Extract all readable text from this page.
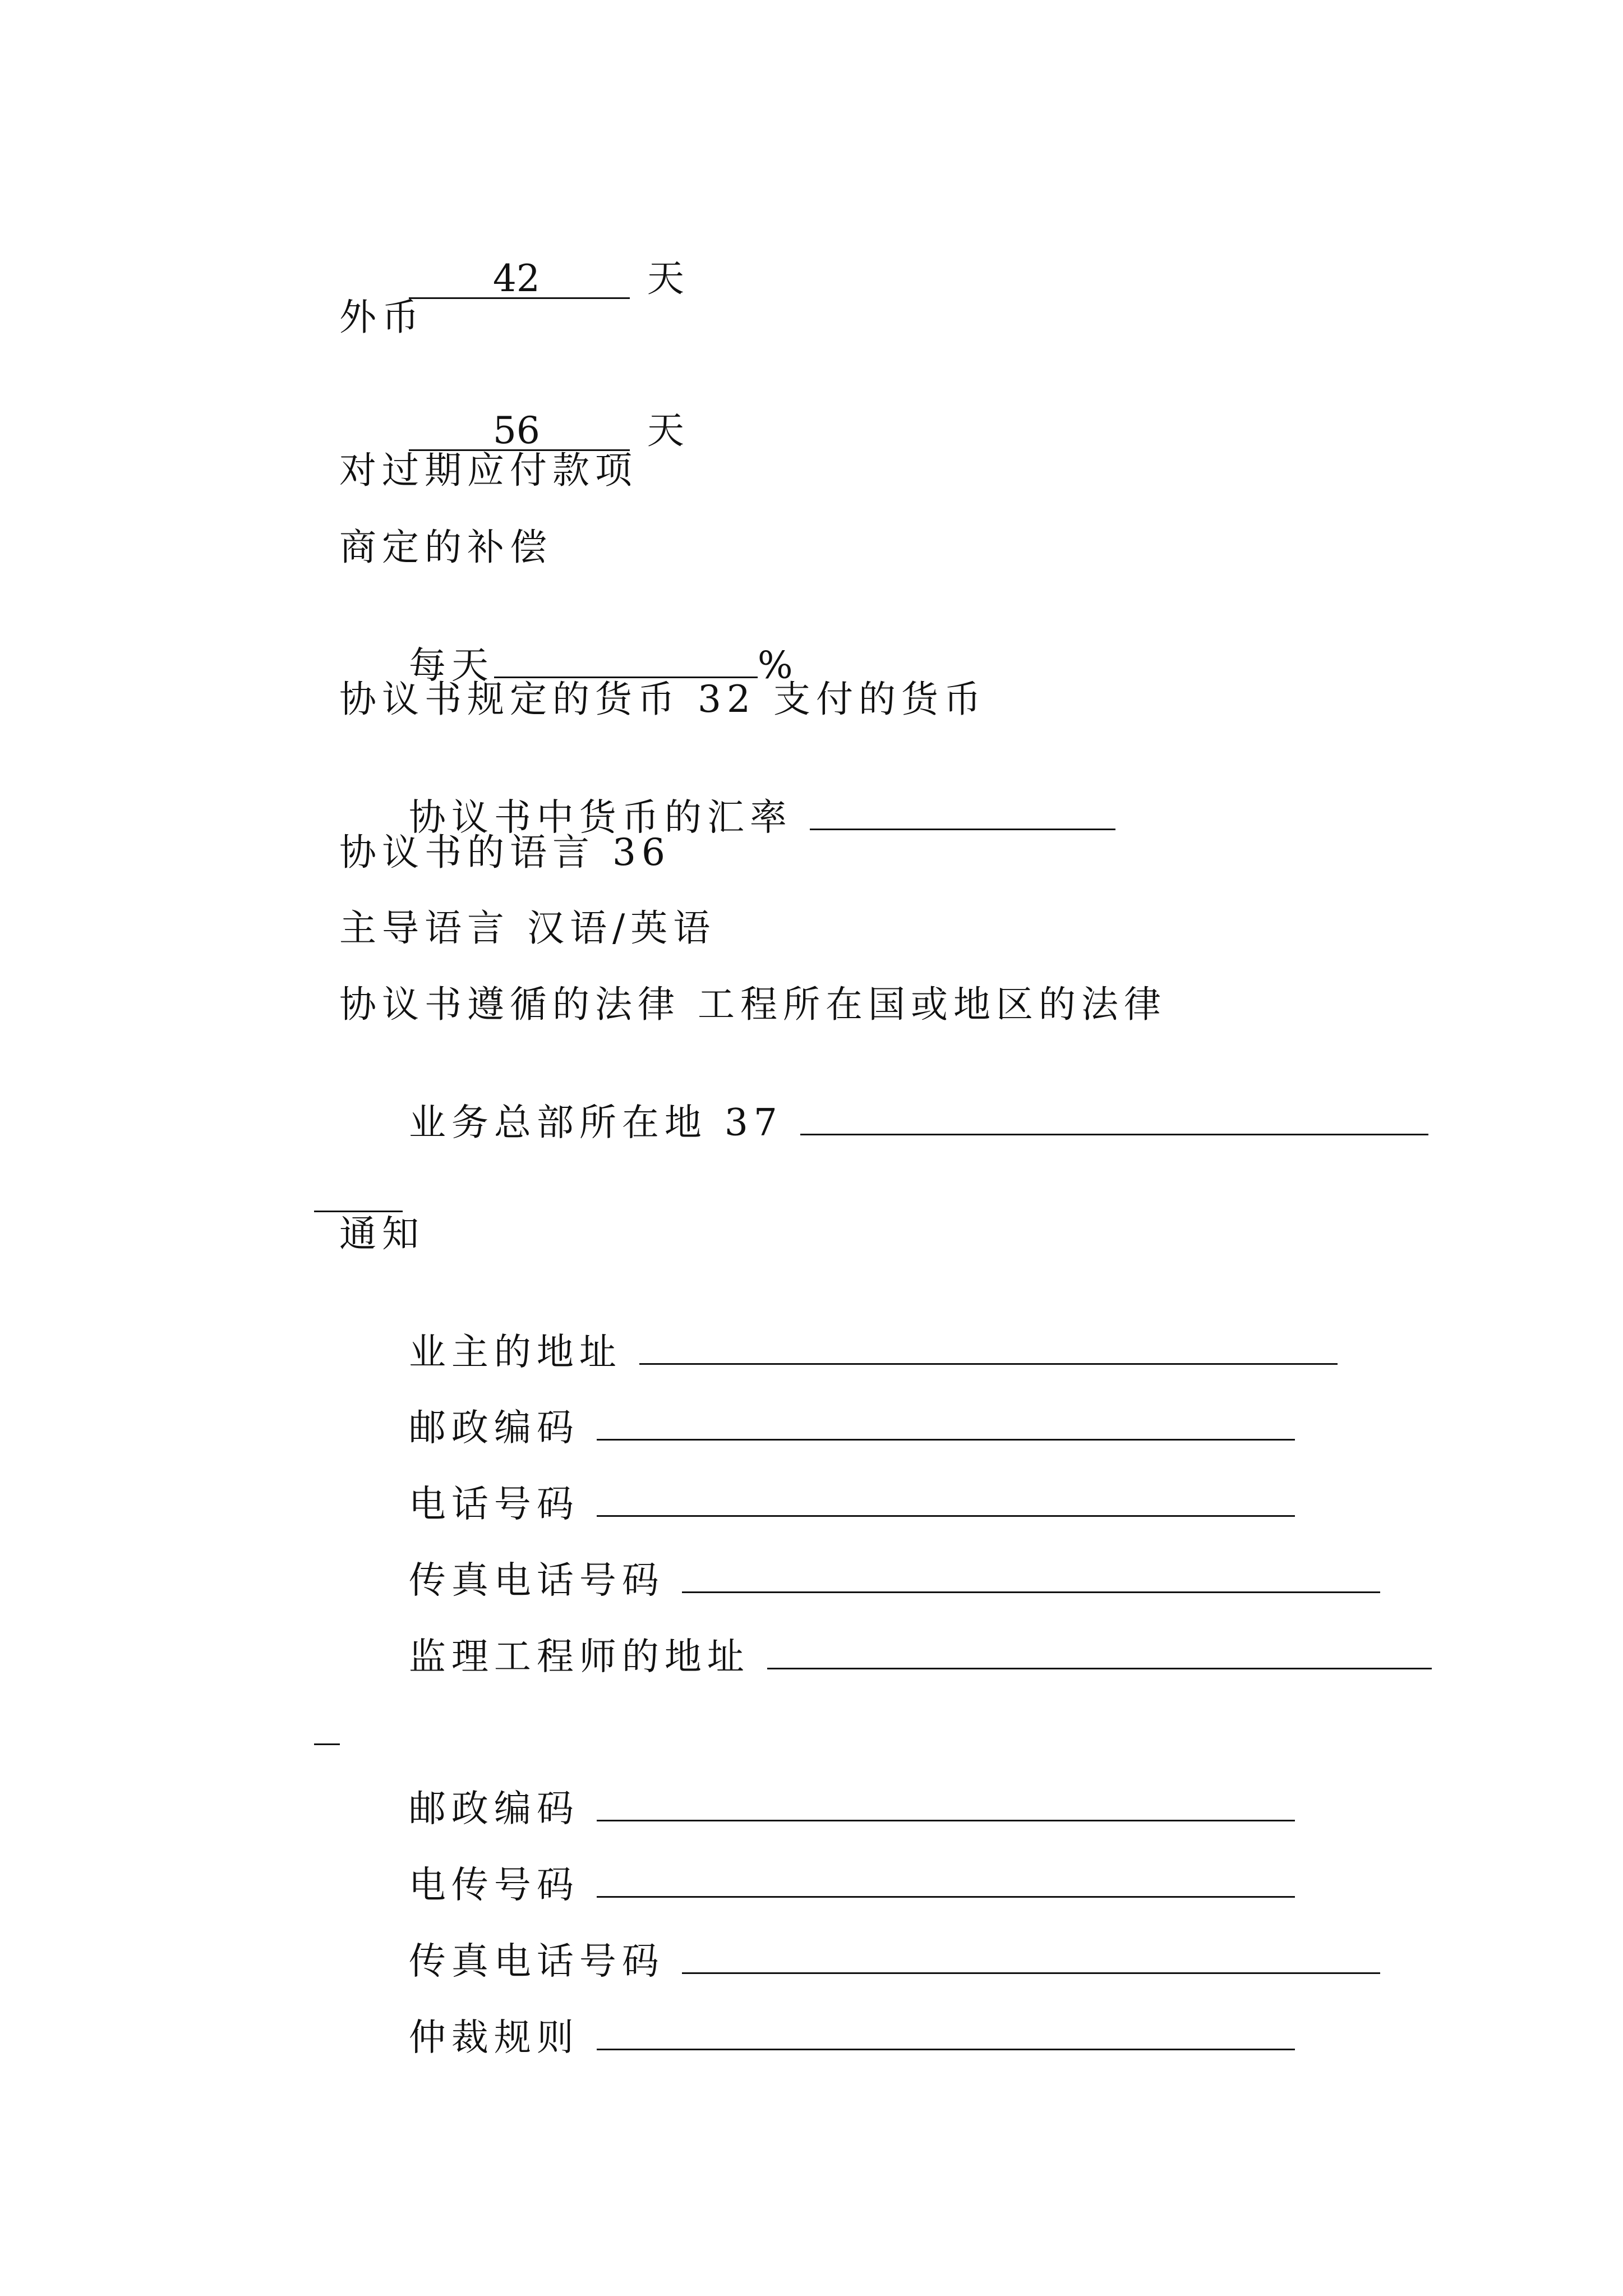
42 天

外币

56 天

对过期应付款项
商定的补偿

每天	%

协议书规定的货币 32 支付的货币

协议书中货币的汇率

协议书的语言 36
主导语言 汉语/英语
协议书遵循的法律 工程所在国或地区的法律

业务总部所在地 37

通知

业主的地址

邮政编码

电话号码

传真电话号码

监理工程师的地址

邮政编码

电传号码

传真电话号码

仲裁规则
